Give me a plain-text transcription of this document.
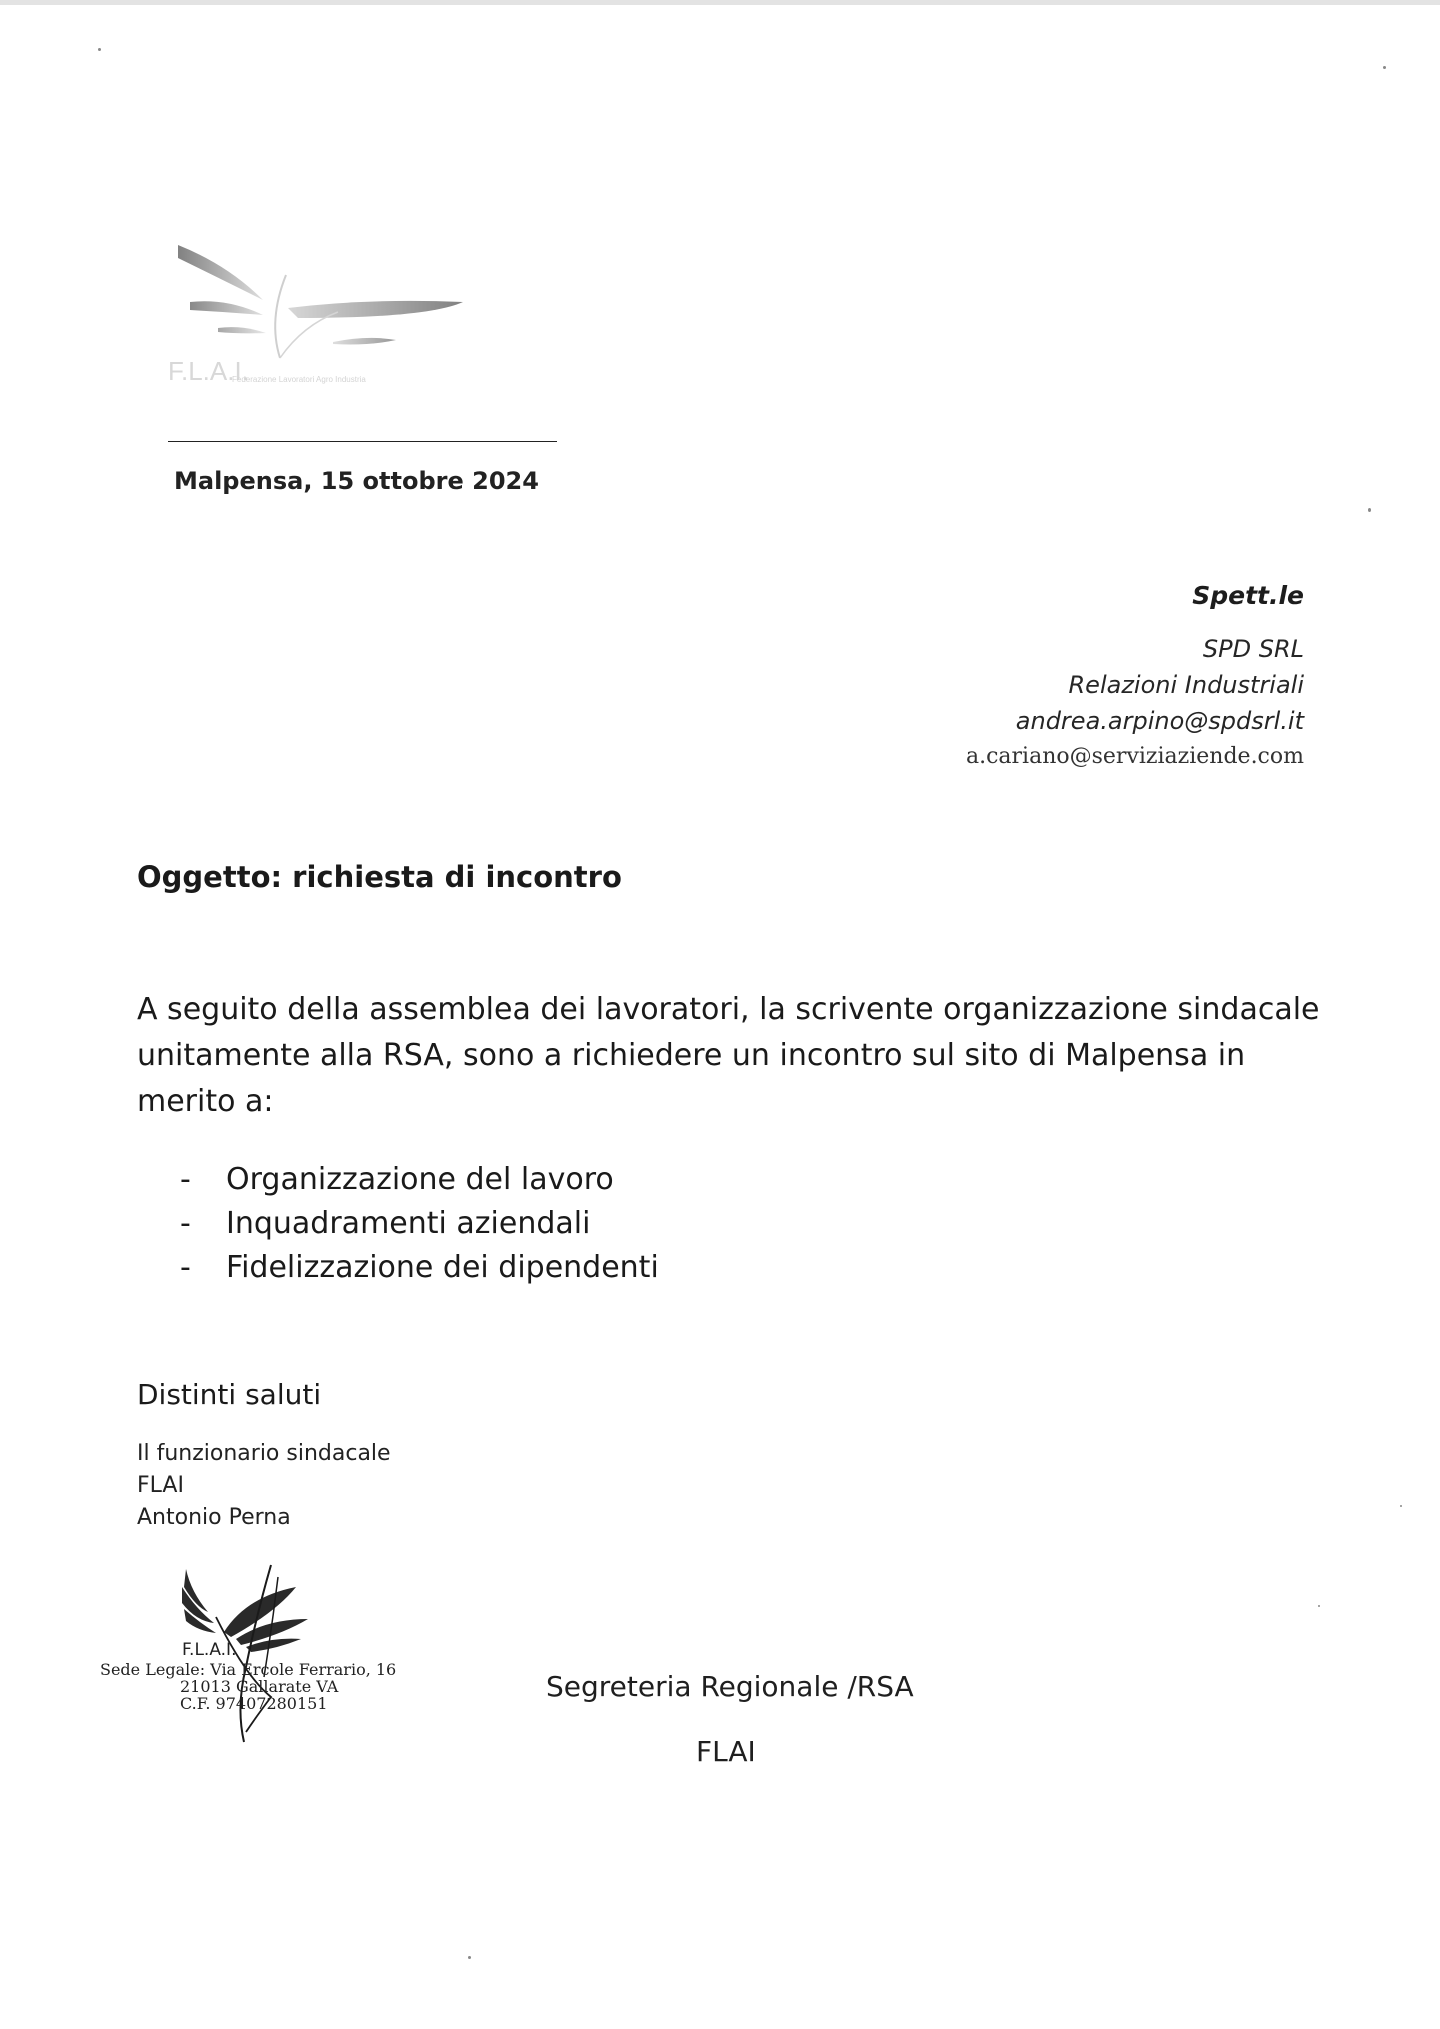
F.L.A.I.
Federazione Lavoratori Agro Industria
Malpensa, 15 ottobre 2024
Spett.le
SPD SRL
Relazioni Industriali
andrea.arpino@spdsrl.it
a.cariano@serviziaziende.com
Oggetto: richiesta di incontro
A seguito della assemblea dei lavoratori, la scrivente organizzazione sindacale
unitamente alla RSA, sono a richiedere un incontro sul sito di Malpensa in merito a:
- Organizzazione del lavoro
- Inquadramenti aziendali
- Fidelizzazione dei dipendenti
Distinti saluti
Il funzionario sindacale
FLAI
Antonio Perna
F.L.A.I.
Sede Legale: Via Ercole Ferrario, 16
21013 Gallarate VA
C.F. 97407280151
Segreteria Regionale /RSA
FLAI
